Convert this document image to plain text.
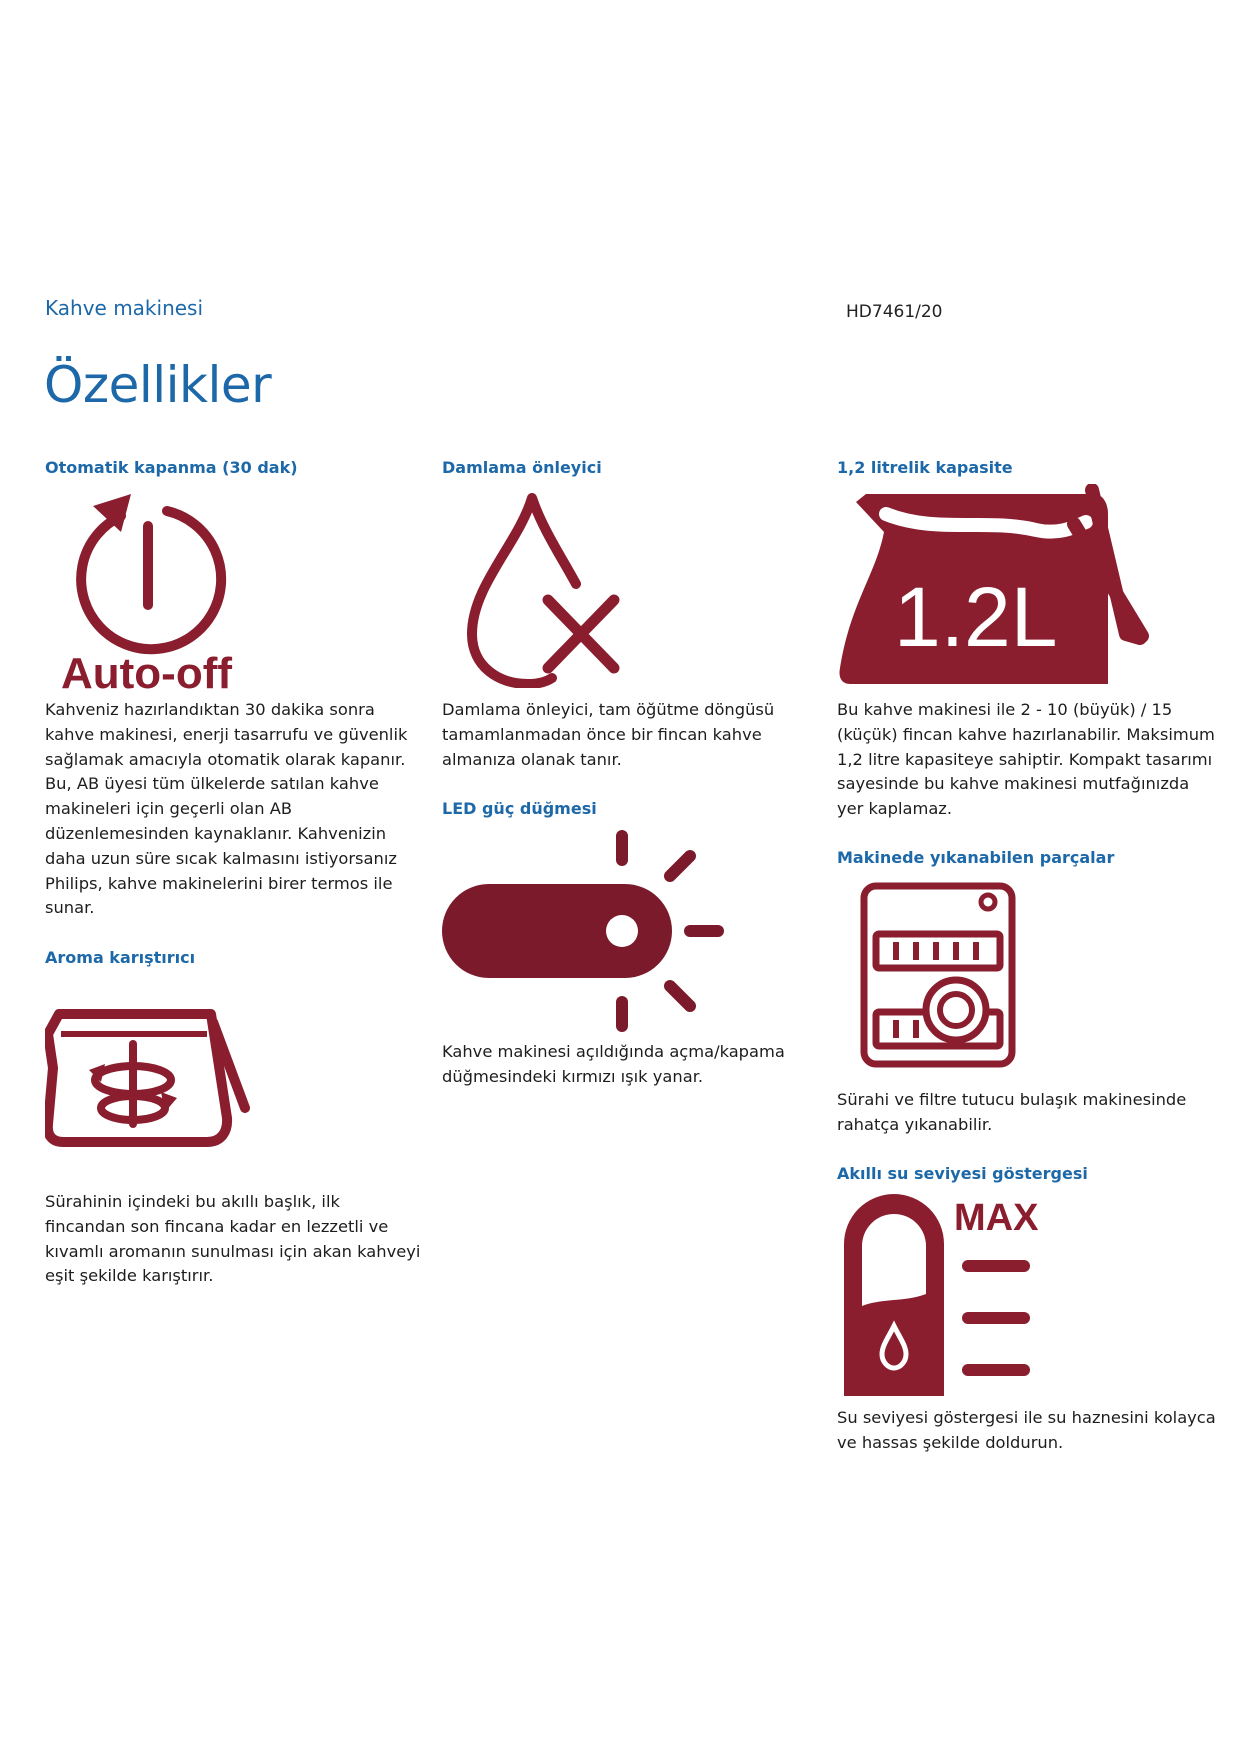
Kahve makinesi	HD7461/20
Özellikler
Otomatik kapanma (30 dak)
Auto-off

Kahveniz hazırlandıktan 30 dakika sonra kahve makinesi, enerji tasarrufu ve güvenlik sağlamak amacıyla otomatik olarak kapanır. Bu, AB üyesi tüm ülkelerde satılan kahve makineleri için geçerli olan AB düzenlemesinden kaynaklanır. Kahvenizin daha uzun süre sıcak kalmasını istiyorsanız Philips, kahve makinelerini birer termos ile sunar.

Aroma karıştırıcı

Sürahinin içindeki bu akıllı başlık, ilk fincandan son fincana kadar en lezzetli ve kıvamlı aromanın sunulması için akan kahveyi eşit şekilde karıştırır.

Damlama önleyici

Damlama önleyici, tam öğütme döngüsü tamamlanmadan önce bir fincan kahve almanıza olanak tanır.

LED güç düğmesi

Kahve makinesi açıldığında açma/kapama düğmesindeki kırmızı ışık yanar.

1,2 litrelik kapasite
1.2L

Bu kahve makinesi ile 2 - 10 (büyük) / 15 (küçük) fincan kahve hazırlanabilir. Maksimum 1,2 litre kapasiteye sahiptir. Kompakt tasarımı sayesinde bu kahve makinesi mutfağınızda yer kaplamaz.

Makinede yıkanabilen parçalar

Sürahi ve filtre tutucu bulaşık makinesinde rahatça yıkanabilir.

Akıllı su seviyesi göstergesi
MAX

Su seviyesi göstergesi ile su haznesini kolayca ve hassas şekilde doldurun.
